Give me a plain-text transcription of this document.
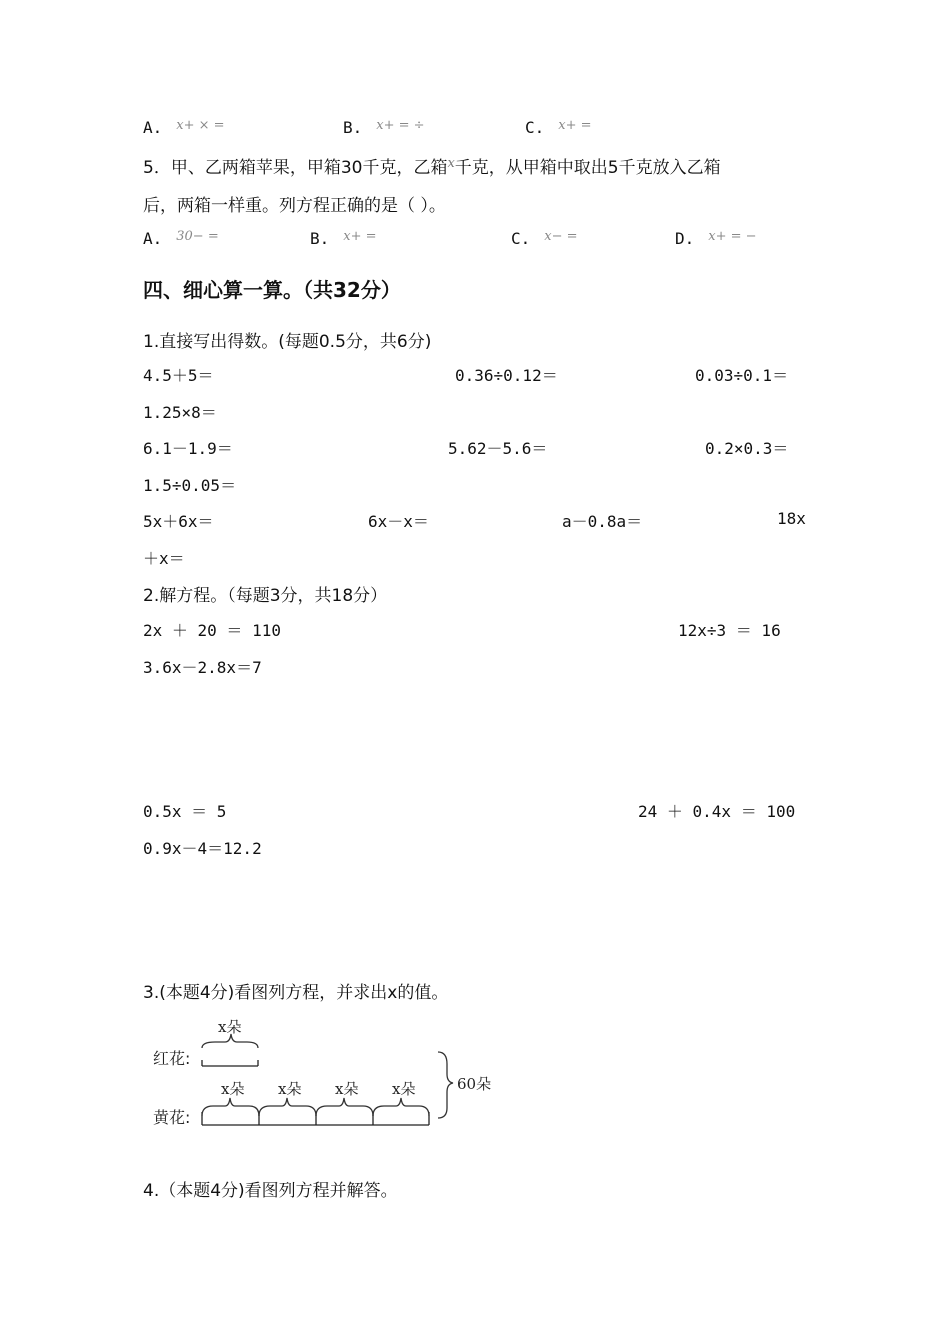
A. $^{x+ \times =}$	B. $^{x+ = \div}$	C. $^{x+ =}$
5．甲、乙两箱苹果，甲箱30千克，乙箱$^x$千克，从甲箱中取出5千克放入乙箱
后，两箱一样重。列方程正确的是（ ）。
A. $^{30- =}$	B. $^{x+ =}$	C. $^{x- =}$	D. $^{x+ = -}$
四、细心算一算。（共32分）
1.直接写出得数。(每题0.5分，共6分)
4.5＋5＝	0.36÷0.12＝	0.03÷0.1＝
1.25×8＝
6.1－1.9＝	5.62－5.6＝	0.2×0.3＝
1.5÷0.05＝
5x＋6x＝	6x－x＝	a－0.8a＝	18x
＋x＝
2.解方程。（每题3分，共18分）
2x ＋ 20 ＝ 110	12x÷3 ＝ 16
3.6x－2.8x＝7
0.5x ＝ 5	24 ＋ 0.4x ＝ 100
0.9x－4＝12.2
3.(本题4分)看图列方程，并求出x的值。
红花:
x朵
黄花:
x朵 x朵 x朵 x朵	60朵
4.（本题4分)看图列方程并解答。
